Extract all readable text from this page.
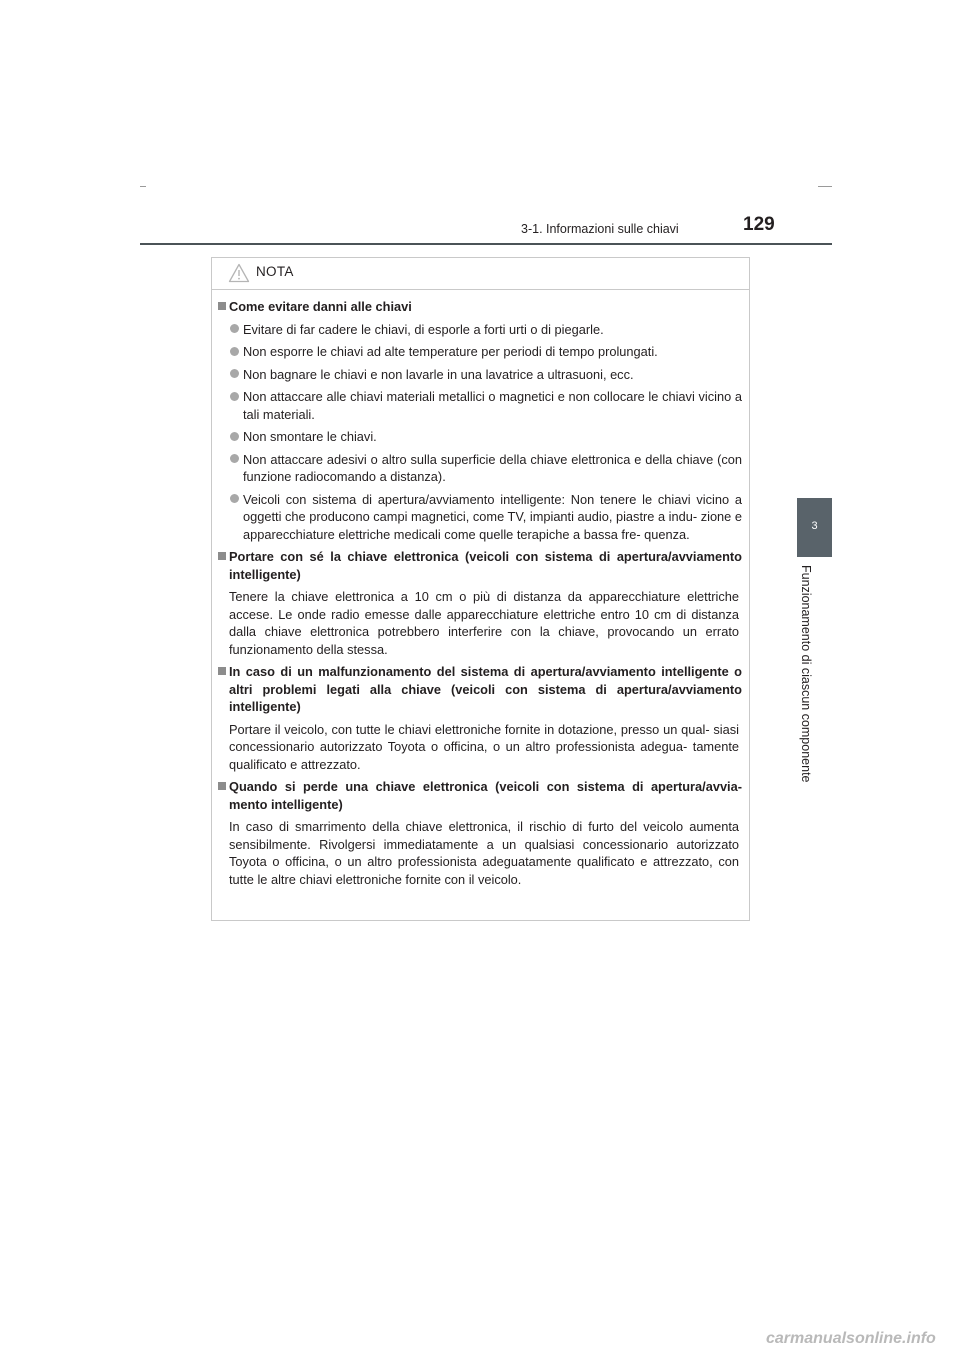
3-1. Informazioni sulle chiavi	129
3
Funzionamento di ciascun componente
NOTA
Come evitare danni alle chiavi
Evitare di far cadere le chiavi, di esporle a forti urti o di piegarle.
Non esporre le chiavi ad alte temperature per periodi di tempo prolungati.
Non bagnare le chiavi e non lavarle in una lavatrice a ultrasuoni, ecc.
Non attaccare alle chiavi materiali metallici o magnetici e non collocare le chiavi vicino a tali materiali.
Non smontare le chiavi.
Non attaccare adesivi o altro sulla superficie della chiave elettronica e della chiave (con funzione radiocomando a distanza).
Veicoli con sistema di apertura/avviamento intelligente: Non tenere le chiavi vicino a oggetti che producono campi magnetici, come TV, impianti audio, piastre a indu- zione e apparecchiature elettriche medicali come quelle terapiche a bassa fre- quenza.
Portare con sé la chiave elettronica (veicoli con sistema di apertura/avviamento intelligente)
Tenere la chiave elettronica a 10 cm o più di distanza da apparecchiature elettriche accese. Le onde radio emesse dalle apparecchiature elettriche entro 10 cm di distanza dalla chiave elettronica potrebbero interferire con la chiave, provocando un errato funzionamento della stessa.
In caso di un malfunzionamento del sistema di apertura/avviamento intelligente o altri problemi legati alla chiave (veicoli con sistema di apertura/avviamento intelligente)
Portare il veicolo, con tutte le chiavi elettroniche fornite in dotazione, presso un qual- siasi concessionario autorizzato Toyota o officina, o un altro professionista adegua- tamente qualificato e attrezzato.
Quando si perde una chiave elettronica (veicoli con sistema di apertura/avvia- mento intelligente)
In caso di smarrimento della chiave elettronica, il rischio di furto del veicolo aumenta sensibilmente. Rivolgersi immediatamente a un qualsiasi concessionario autorizzato Toyota o officina, o un altro professionista adeguatamente qualificato e attrezzato, con tutte le altre chiavi elettroniche fornite con il veicolo.
carmanualsonline.info
